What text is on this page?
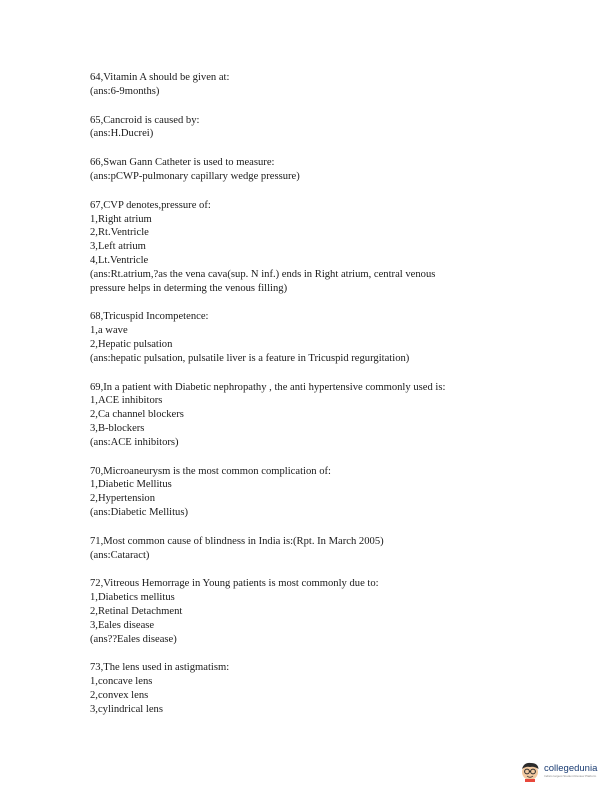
64,Vitamin A should be given at:
(ans:6-9months)
65,Cancroid is caused by:
(ans:H.Ducrei)
66,Swan Gann Catheter is used to measure:
(ans:pCWP-pulmonary capillary wedge pressure)
67,CVP denotes,pressure of:
1,Right atrium
2,Rt.Ventricle
3,Left atrium
4,Lt.Ventricle
(ans:Rt.atrium,?as the vena cava(sup. N inf.) ends in Right atrium, central venous
pressure helps in determing the venous filling)
68,Tricuspid Incompetence:
1,a wave
2,Hepatic pulsation
(ans:hepatic pulsation, pulsatile liver is a feature in Tricuspid regurgitation)
69,In a patient with Diabetic nephropathy , the anti hypertensive commonly used is:
1,ACE inhibitors
2,Ca channel blockers
3,B-blockers
(ans:ACE inhibitors)
70,Microaneurysm is the most common complication of:
1,Diabetic Mellitus
2,Hypertension
(ans:Diabetic Mellitus)
71,Most common cause of blindness in India is:(Rpt. In March 2005)
(ans:Cataract)
72,Vitreous Hemorrage in Young patients is most commonly due to:
1,Diabetics mellitus
2,Retinal Detachment
3,Eales disease
(ans??Eales disease)
73,The lens used in astigmatism:
1,concave lens
2,convex lens
3,cylindrical lens
collegedunia
India's largest Student Review Platform
